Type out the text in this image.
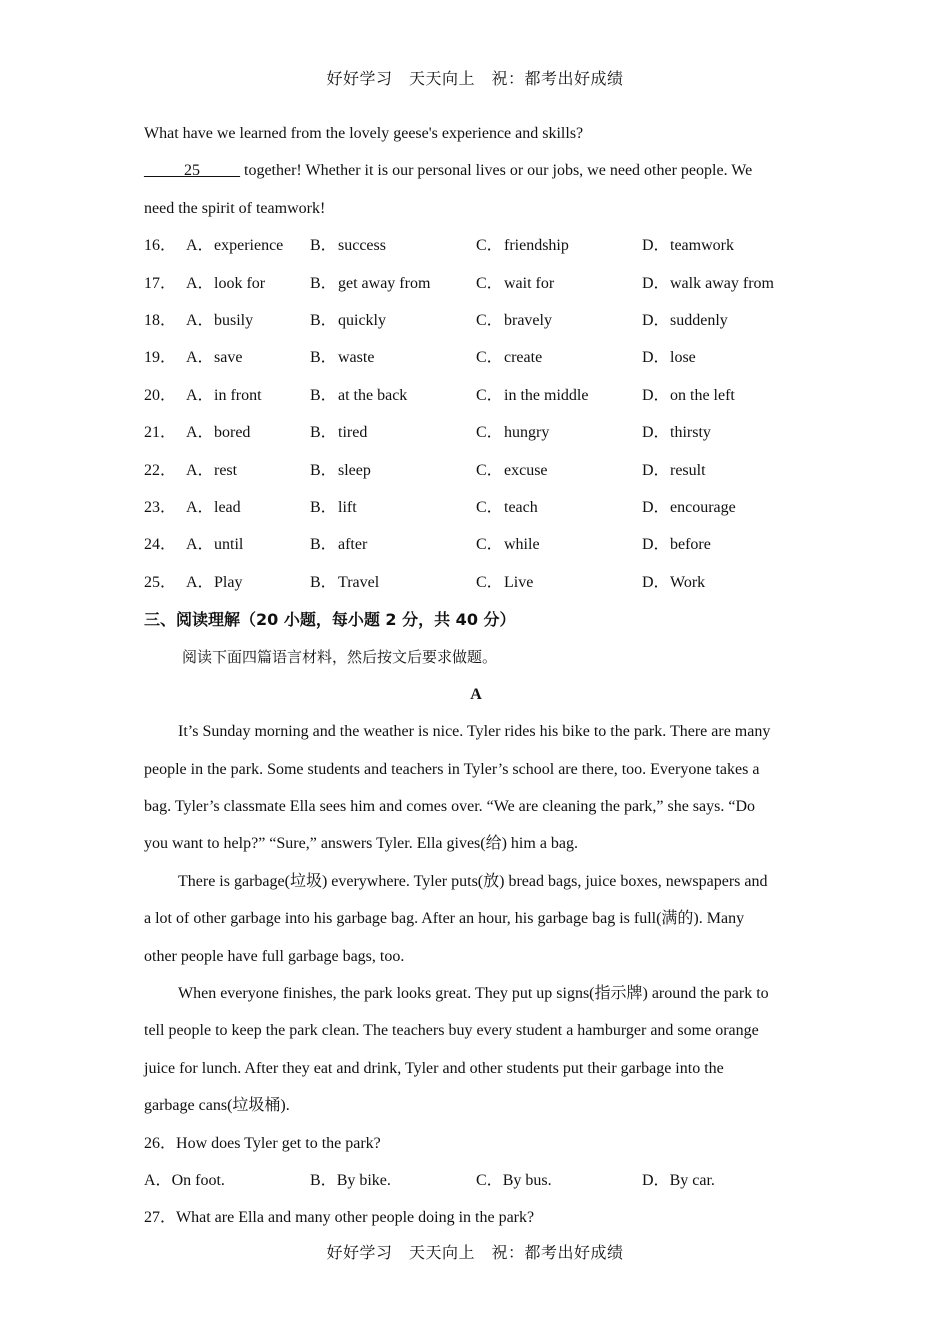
好好学习　天天向上　祝：都考出好成绩
What have we learned from the lovely geese's experience and skills?
_____25_____ together! Whether it is our personal lives or our jobs, we need other people. We
need the spirit of teamwork!
16． A．experience	B．success	C．friendship	D．teamwork
17． A．look for	B．get away from	C．wait for	D．walk away from
18． A．busily	B．quickly	C．bravely	D．suddenly
19． A．save	B．waste	C．create	D．lose
20． A．in front	B．at the back	C．in the middle	D．on the left
21． A．bored	B．tired	C．hungry	D．thirsty
22． A．rest	B．sleep	C．excuse	D．result
23． A．lead	B．lift	C．teach	D．encourage
24． A．until	B．after	C．while	D．before
25． A．Play	B．Travel	C．Live	D．Work
三、阅读理解（20 小题，每小题 2 分，共 40 分）
阅读下面四篇语言材料，然后按文后要求做题。
A
It’s Sunday morning and the weather is nice. Tyler rides his bike to the park. There are many
people in the park. Some students and teachers in Tyler’s school are there, too. Everyone takes a
bag. Tyler’s classmate Ella sees him and comes over. “We are cleaning the park,” she says. “Do
you want to help?” “Sure,” answers Tyler. Ella gives(给) him a bag.
There is garbage(垃圾) everywhere. Tyler puts(放) bread bags, juice boxes, newspapers and
a lot of other garbage into his garbage bag. After an hour, his garbage bag is full(满的). Many
other people have full garbage bags, too.
When everyone finishes, the park looks great. They put up signs(指示牌) around the park to
tell people to keep the park clean. The teachers buy every student a hamburger and some orange
juice for lunch. After they eat and drink, Tyler and other students put their garbage into the
garbage cans(垃圾桶).
26．How does Tyler get to the park?
A．On foot.	B．By bike.	C．By bus.	D．By car.
27．What are Ella and many other people doing in the park?
好好学习　天天向上　祝：都考出好成绩
